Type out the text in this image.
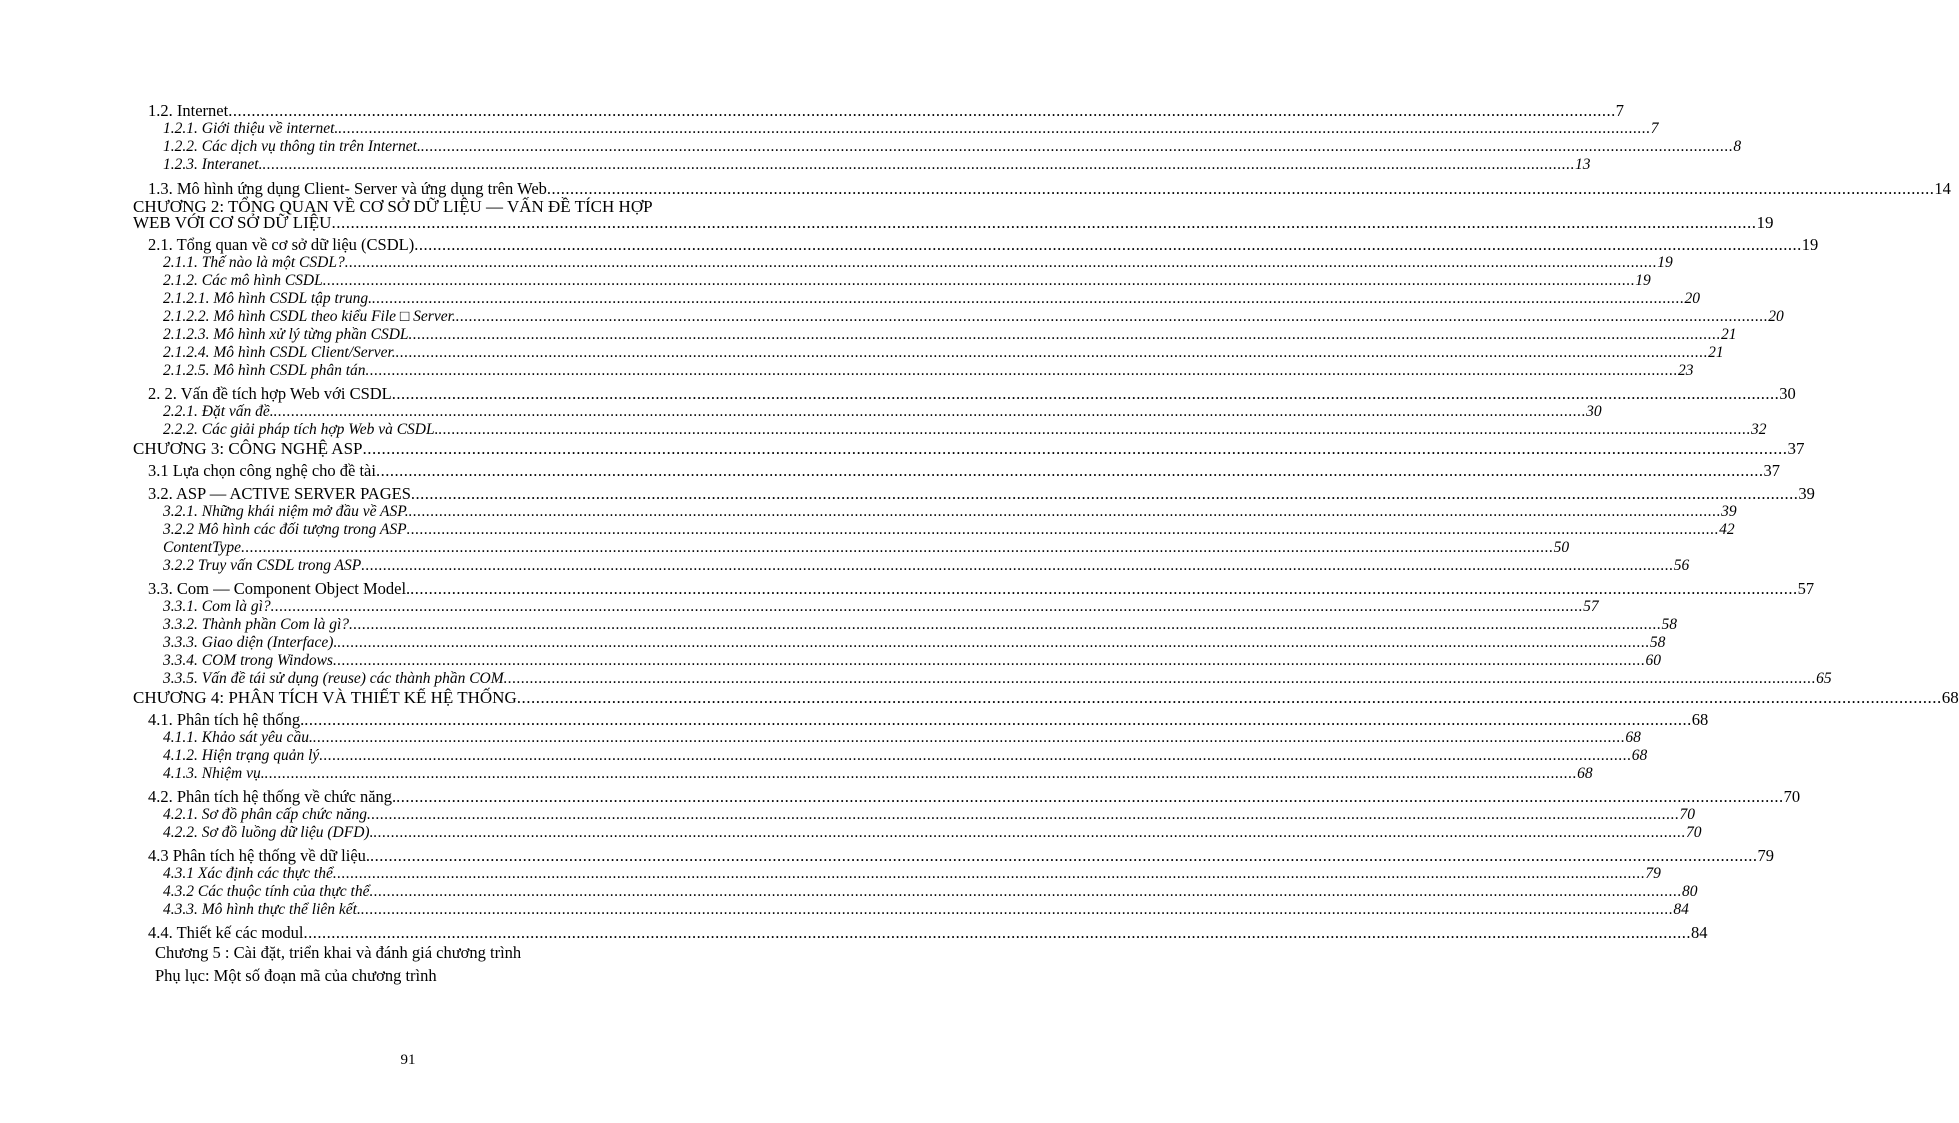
1.2. Internet ............................................................................................................................................................................................................................................................................................................ 7
1.2.1. Giới thiệu về internet. ............................................................................................................................................................................................................................................................................................................ 7
1.2.2. Các dịch vụ thông tin trên Internet. ............................................................................................................................................................................................................................................................................................................ 8
1.2.3. Interanet. ............................................................................................................................................................................................................................................................................................................ 13
1.3. Mô hình ứng dụng Client- Server và ứng dụng trên Web ............................................................................................................................................................................................................................................................................................................ 14
CHƯƠNG 2: TỔNG QUAN VỀ CƠ SỞ DỮ LIỆU — VẤN ĐỀ TÍCH HỢP
WEB VỚI CƠ SỞ DỮ LIỆU ............................................................................................................................................................................................................................................................................................................ 19
2.1. Tổng quan về cơ sở dữ liệu (CSDL) ............................................................................................................................................................................................................................................................................................................ 19
2.1.1. Thế nào là một CSDL? ............................................................................................................................................................................................................................................................................................................ 19
2.1.2. Các mô hình CSDL ............................................................................................................................................................................................................................................................................................................ 19
2.1.2.1. Mô hình CSDL tập trung. ............................................................................................................................................................................................................................................................................................................ 20
2.1.2.2. Mô hình CSDL theo kiểu File □ Server. ............................................................................................................................................................................................................................................................................................................ 20
2.1.2.3. Mô hình xử lý từng phần CSDL ............................................................................................................................................................................................................................................................................................................ 21
2.1.2.4. Mô hình CSDL Client/Server. ............................................................................................................................................................................................................................................................................................................ 21
2.1.2.5. Mô hình CSDL phân tán ............................................................................................................................................................................................................................................................................................................ 23
2. 2. Vấn đề tích hợp Web với CSDL ............................................................................................................................................................................................................................................................................................................ 30
2.2.1. Đặt vấn đề. ............................................................................................................................................................................................................................................................................................................ 30
2.2.2. Các giải pháp tích hợp Web và CSDL. ............................................................................................................................................................................................................................................................................................................ 32
CHƯƠNG 3: CÔNG NGHỆ ASP ............................................................................................................................................................................................................................................................................................................ 37
3.1 Lựa chọn công nghệ cho đề tài ............................................................................................................................................................................................................................................................................................................ 37
3.2. ASP — ACTIVE SERVER PAGES ............................................................................................................................................................................................................................................................................................................ 39
3.2.1. Những khái niệm mở đầu về ASP. ............................................................................................................................................................................................................................................................................................................ 39
3.2.2 Mô hình các đối tượng trong ASP ............................................................................................................................................................................................................................................................................................................ 42
ContentType ............................................................................................................................................................................................................................................................................................................ 50
3.2.2 Truy vấn CSDL trong ASP ............................................................................................................................................................................................................................................................................................................ 56
3.3. Com — Component Object Model. ............................................................................................................................................................................................................................................................................................................ 57
3.3.1. Com là gì? ............................................................................................................................................................................................................................................................................................................ 57
3.3.2. Thành phần Com là gì? ............................................................................................................................................................................................................................................................................................................ 58
3.3.3. Giao diện (Interface). ............................................................................................................................................................................................................................................................................................................ 58
3.3.4. COM trong Windows ............................................................................................................................................................................................................................................................................................................ 60
3.3.5. Vấn đề tái sử dụng (reuse) các thành phần COM ............................................................................................................................................................................................................................................................................................................ 65
CHƯƠNG 4: PHÂN TÍCH VÀ THIẾT KẾ HỆ THỐNG ............................................................................................................................................................................................................................................................................................................ 68
4.1. Phân tích hệ thống. ............................................................................................................................................................................................................................................................................................................ 68
4.1.1. Khảo sát yêu cầu. ............................................................................................................................................................................................................................................................................................................ 68
4.1.2. Hiện trạng quản lý ............................................................................................................................................................................................................................................................................................................ 68
4.1.3. Nhiệm vụ. ............................................................................................................................................................................................................................................................................................................ 68
4.2. Phân tích hệ thống về chức năng. ............................................................................................................................................................................................................................................................................................................ 70
4.2.1. Sơ đồ phân cấp chức năng ............................................................................................................................................................................................................................................................................................................ 70
4.2.2. Sơ đồ luồng dữ liệu (DFD). ............................................................................................................................................................................................................................................................................................................ 70
4.3 Phân tích hệ thống về dữ liệu. ............................................................................................................................................................................................................................................................................................................ 79
4.3.1 Xác định các thực thể ............................................................................................................................................................................................................................................................................................................ 79
4.3.2 Các thuộc tính của thực thể ............................................................................................................................................................................................................................................................................................................ 80
4.3.3. Mô hình thực thể liên kết. ............................................................................................................................................................................................................................................................................................................ 84
4.4. Thiết kế các modul ............................................................................................................................................................................................................................................................................................................ 84
Chương 5 : Cài đặt, triển khai và đánh giá chương trình
Phụ lục: Một số đoạn mã của chương trình
91
